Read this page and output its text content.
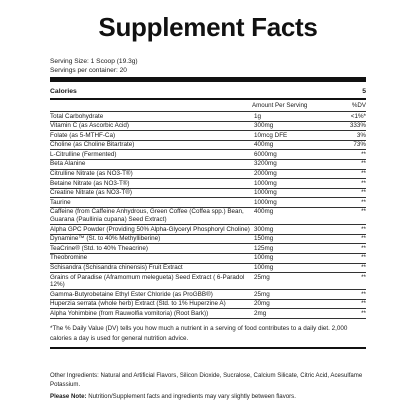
Supplement Facts
Serving Size: 1 Scoop (19.3g)
Servings per container: 20
Calories	5
Amount Per Serving	%DV
Total Carbohydrate	1g	<1%*
Vitamin C (as Ascorbic Acid)	300mg	333%
Folate (as 5-MTHF-Ca)	10mcg DFE	3%
Choline (as Choline Bitartrate)	400mg	73%
L-Citrulline (Fermented)	6000mg	**
Beta Alanine	3200mg	**
Citrulline Nitrate (as NO3-T®)	2000mg	**
Betaine Nitrate (as NO3-T®)	1000mg	**
Creatine Nitrate (as NO3-T®)	1000mg	**
Taurine	1000mg	**
Caffeine (from Caffeine Anhydrous, Green Coffee (Coffea spp.) Bean, Guarana (Paullinia cupana) Seed Extract)
400mg	**
Alpha GPC Powder (Providing 50% Alpha-Glyceryl Phosphoryl Choline) 300mg	**
Dynamine™ (St. to 40% Methylliberine)	150mg	**
TeaCrine® (Std. to 40% Theacrine)	125mg	**
Theobromine	100mg	**
Schisandra (Schisandra chinensis) Fruit Extract	100mg	**
Grains of Paradise (Aframomum melegueta) Seed Extract ( 6-Paradol 12%)
25mg	**
Gamma-Butyrobetaine Ethyl Ester Chloride (as ProGBB®)	25mg	**
Huperzia serrata (whole herb) Extract (Std. to 1% Huperzine A)	20mg	**
Alpha Yohimbine (from Rauwolfia vomitoria) (Root Bark))	2mg	**
*The % Daily Value (DV) tells you how much a nutrient in a serving of food contributes to a daily diet. 2,000 calories a day is used for general nutrition advice.
Other Ingredients: Natural and Artificial Flavors, Silicon Dioxide, Sucralose, Calcium Silicate, Citric Acid, Acesulfame Potassium.
Please Note: Nutrition/Supplement facts and ingredients may vary slightly between flavors.
